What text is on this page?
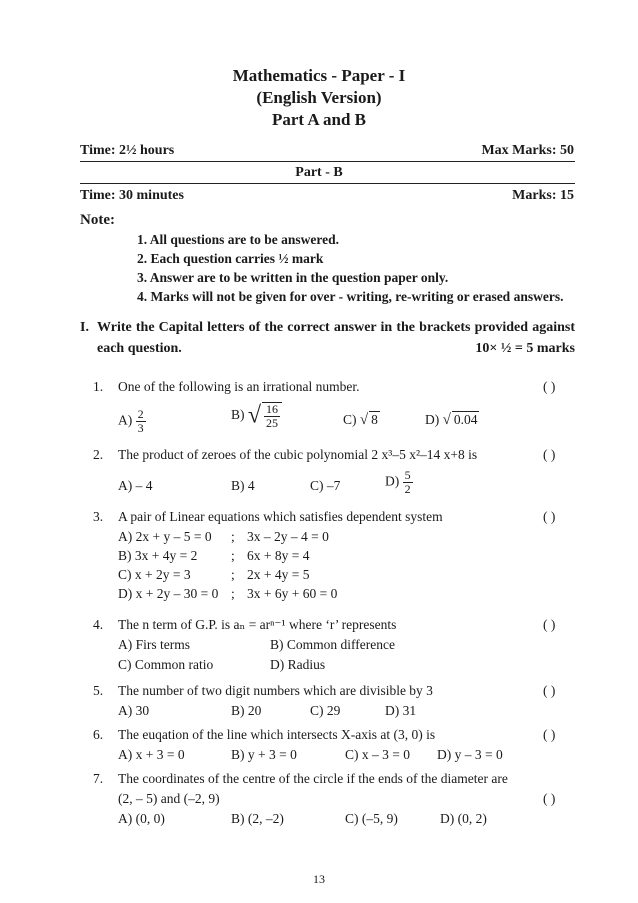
Mathematics - Paper - I
(English Version)
Part A and B
Time: 2½ hours	Max Marks: 50
Part - B
Time: 30 minutes	Marks: 15
Note:
1. All questions are to be answered.
2. Each question carries ½ mark
3. Answer are to be written in the question paper only.
4. Marks will not be given for over - writing, re-writing or erased answers.
I. Write the Capital letters of the correct answer in the brackets provided against
each question.	10× ½ = 5 marks
1. One of the following is an irrational number.	( )
$A) \frac{2}{3}$	B) √ $\frac{16}{25}$	C) √ 8	D) √ 0.04
2. The product of zeroes of the cubic polynomial 2 x³–5 x²–14 x+8 is	( )
A) – 4	B) 4	C) –7	$D) \frac{5}{2}$
3. A pair of Linear equations which satisfies dependent system	( )
A) 2x + y – 5 = 0 ; 3x – 2y – 4 = 0
B) 3x + 4y = 2 ; 6x + 8y = 4
C) x + 2y = 3	; 2x + 4y = 5
D) x + 2y – 30 = 0 ; 3x + 6y + 60 = 0
4. The n term of G.P. is aₙ = arⁿ⁻¹ where ‘r’ represents	( )
A) Firs terms	B) Common difference
C) Common ratio	D) Radius
5. The number of two digit numbers which are divisible by 3	( )
A) 30	B) 20	C) 29	D) 31
6. The euqation of the line which intersects X-axis at (3, 0) is	( )
A) x + 3 = 0	B) y + 3 = 0	C) x – 3 = 0 D) y – 3 = 0
7. The coordinates of the centre of the circle if the ends of the diameter are
(2, – 5) and (–2, 9)	( )
A) (0, 0)	B) (2, –2)	C) (–5, 9)	D) (0, 2)
13
